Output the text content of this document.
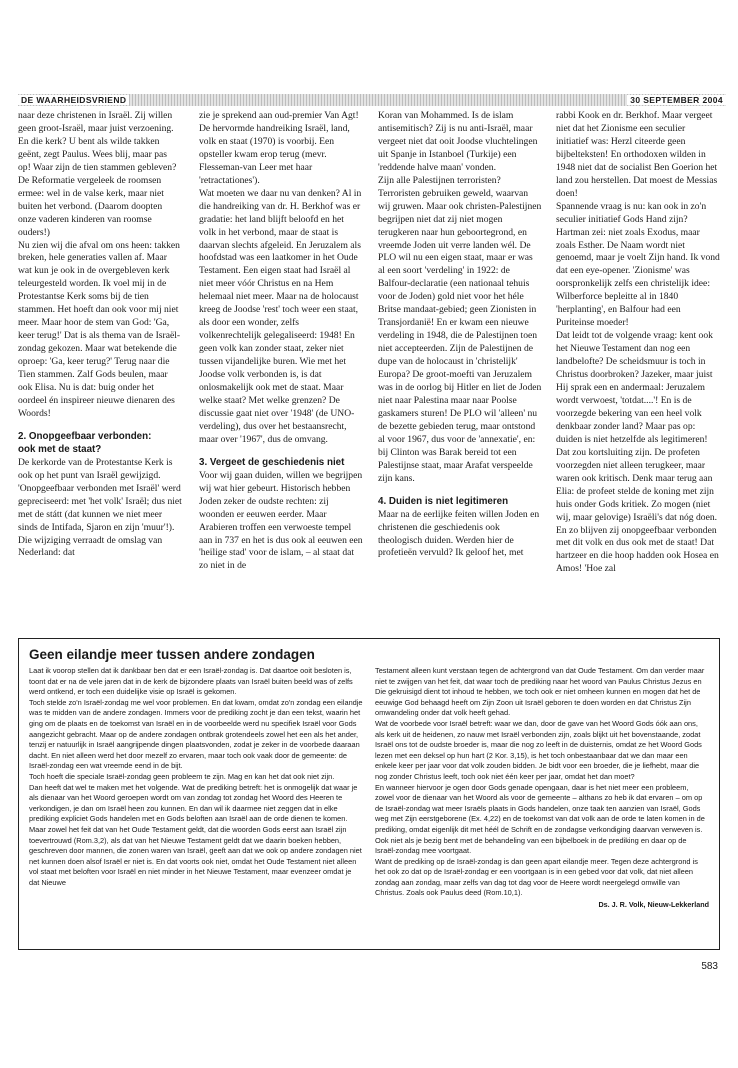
DE WAARHEIDSVRIEND	30 SEPTEMBER 2004

naar deze christenen in Israël. Zij willen geen groot-Israël, maar juist verzoening.

En die kerk? U bent als wilde takken geënt, zegt Paulus. Wees blij, maar pas op! Waar zijn de tien stammen gebleven? De Reformatie vergeleek de roomsen ermee: wel in de valse kerk, maar niet buiten het verbond. (Daarom doopten onze vaderen kinderen van roomse ouders!)

Nu zien wij die afval om ons heen: takken breken, hele generaties vallen af. Maar wat kun je ook in de overgebleven kerk teleurgesteld worden. Ik voel mij in de Protestantse Kerk soms bij de tien stammen. Het hoeft dan ook voor mij niet meer. Maar hoor de stem van God: 'Ga, keer terug!' Dat is als thema van de Israël-zondag gekozen. Maar wat betekende die oproep: 'Ga, keer terug?' Terug naar die Tien stammen. Zalf Gods beulen, maar ook Elisa. Nu is dat: buig onder het oordeel én inspireer nieuwe dienaren des Woords!

2. Onopgeefbaar verbonden:
ook met de staat?

De kerkorde van de Protestantse Kerk is ook op het punt van Israël gewijzigd. 'Onopgeefbaar verbonden met Israël' werd gepreciseerd: met 'het volk' Israël; dus niet met de státt (dat kunnen we niet meer sinds de Intifada, Sjaron en zijn 'muur'!). Die wijziging verraadt de omslag van Nederland: dat

zie je sprekend aan oud-premier Van Agt! De hervormde handreiking Israël, land, volk en staat (1970) is voorbij. Een opsteller kwam erop terug (mevr. Flesseman-van Leer met haar 'retractationes').

Wat moeten we daar nu van denken? Al in die handreiking van dr. H. Berkhof was er gradatie: het land blijft beloofd en het volk in het verbond, maar de staat is daarvan slechts afgeleid. En Jeruzalem als hoofdstad was een laatkomer in het Oude Testament. Een eigen staat had Israël al niet meer vóór Christus en na Hem helemaal niet meer. Maar na de holocaust kreeg de Joodse 'rest' toch weer een staat, als door een wonder, zelfs volkenrechtelijk gelegaliseerd: 1948! En geen volk kan zonder staat, zeker niet tussen vijandelijke buren. Wie met het Joodse volk verbonden is, is dat onlosmakelijk ook met de staat. Maar welke staat? Met welke grenzen? De discussie gaat niet over '1948' (de UNO-verdeling), dus over het bestaansrecht, maar over '1967', dus de omvang.

3. Vergeet de geschiedenis niet

Voor wij gaan duiden, willen we begrijpen wij wat hier gebeurt. Historisch hebben Joden zeker de oudste rechten: zij woonden er eeuwen eerder. Maar Arabieren troffen een verwoeste tempel aan in 737 en het is dus ook al eeuwen een 'heilige stad' voor de islam, – al staat dat zo niet in de

Koran van Mohammed. Is de islam antisemitisch? Zij is nu anti-Israël, maar vergeet niet dat ooit Joodse vluchtelingen uit Spanje in Istanboel (Turkije) een 'reddende halve maan' vonden.

Zijn alle Palestijnen terroristen? Terroristen gebruiken geweld, waarvan wij gruwen. Maar ook christen-Palestijnen begrijpen niet dat zij niet mogen terugkeren naar hun geboortegrond, en vreemde Joden uit verre landen wél. De PLO wil nu een eigen staat, maar er was al een soort 'verdeling' in 1922: de Balfour-declaratie (een nationaal tehuis voor de Joden) gold niet voor het héle Britse mandaat-gebied; geen Zionisten in Transjordanië! En er kwam een nieuwe verdeling in 1948, die de Palestijnen toen niet accepteerden. Zijn de Palestijnen de dupe van de holocaust in 'christelijk' Europa? De groot-moefti van Jeruzalem was in de oorlog bij Hitler en liet de Joden niet naar Palestina maar naar Poolse gaskamers sturen! De PLO wil 'alleen' nu de bezette gebieden terug, maar ontstond al voor 1967, dus voor de 'annexatie', en: bij Clinton was Barak bereid tot een Palestijnse staat, maar Arafat verspeelde zijn kans.

4. Duiden is niet legitimeren

Maar na de eerlijke feiten willen Joden en christenen die geschiedenis ook theologisch duiden. Werden hier de profetieën vervuld? Ik geloof het, met

rabbi Kook en dr. Berkhof. Maar vergeet niet dat het Zionisme een seculier initiatief was: Herzl citeerde geen bijbelteksten! En orthodoxen wilden in 1948 niet dat de socialist Ben Goerion het land zou herstellen. Dat moest de Messias doen!

Spannende vraag is nu: kan ook in zo'n seculier initiatief Gods Hand zijn? Hartman zei: niet zoals Exodus, maar zoals Esther. De Naam wordt niet genoemd, maar je voelt Zijn hand. Ik vond dat een eye-opener. 'Zionisme' was oorspronkelijk zelfs een christelijk idee: Wilberforce bepleitte al in 1840 'herplanting', en Balfour had een Puriteinse moeder!

Dat leidt tot de volgende vraag: kent ook het Nieuwe Testament dan nog een landbelofte? De scheidsmuur is toch in Christus doorbroken? Jazeker, maar juist Hij sprak een en andermaal: Jeruzalem wordt verwoest, 'totdat....'! En is de voorzegde bekering van een heel volk denkbaar zonder land? Maar pas op: duiden is niet hetzelfde als legitimeren! Dat zou kortsluiting zijn. De profeten voorzegden niet alleen terugkeer, maar waren ook kritisch. Denk maar terug aan Elia: de profeet stelde de koning met zijn huis onder Gods kritiek. Zo mogen (niet wij, maar gelovige) Israëli's dat nóg doen. En zo blijven zij onopgeefbaar verbonden met dit volk en dus ook met de staat! Dat hartzeer en die hoop hadden ook Hosea en Amos! 'Hoe zal

Geen eilandje meer tussen andere zondagen

Laat ik voorop stellen dat ik dankbaar ben dat er een Israël-zondag is. Dat daartoe ooit besloten is, toont dat er na de vele jaren dat in de kerk de bijzondere plaats van Israël buiten beeld was of zelfs werd ontkend, er toch een duidelijke visie op Israël is gekomen.

Toch stelde zo'n Israël-zondag me wel voor problemen. En dat kwam, omdat zo'n zondag een eilandje was te midden van de andere zondagen. Immers voor de prediking zocht je dan een tekst, waarin het ging om de plaats en de toekomst van Israël en in de voorbeelde werd nu specifiek Israël voor Gods aangezicht gebracht. Maar op de andere zondagen ontbrak grotendeels zowel het een als het ander, tenzij er natuurlijk in Israël aangrijpende dingen plaatsvonden, zodat je zeker in de voorbede daaraan dacht. En niet alleen werd het door mezelf zo ervaren, maar toch ook vaak door de gemeente: de Israël-zondag een wat vreemde eend in de bijt.

Toch hoeft die speciale Israël-zondag geen probleem te zijn. Mag en kan het dat ook niet zijn.

Dan heeft dat wel te maken met het volgende. Wat de prediking betreft: het is onmogelijk dat waar je als dienaar van het Woord geroepen wordt om van zondag tot zondag het Woord des Heeren te verkondigen, je dan om Israël heen zou kunnen. En dan wil ik daarmee niet zeggen dat in elke prediking expliciet Gods handelen met en Gods beloften aan Israël aan de orde dienen te komen. Maar zowel het feit dat van het Oude Testament geldt, dat die woorden Gods eerst aan Israël zijn toevertrouwd (Rom.3,2), als dat van het Nieuwe Testament geldt dat we daarin boeken hebben, geschreven door mannen, die zonen waren van Israël, geeft aan dat we ook op andere zondagen niet net kunnen doen alsof Israël er niet is. En dat voorts ook niet, omdat het Oude Testament niet alleen vol staat met beloften voor Israël en niet minder in het Nieuwe Testament, maar evenzeer omdat je dat Nieuwe

Testament alleen kunt verstaan tegen de achtergrond van dat Oude Testament. Om dan verder maar niet te zwijgen van het feit, dat waar toch de prediking naar het woord van Paulus Christus Jezus en Die gekruisigd dient tot inhoud te hebben, we toch ook er niet omheen kunnen en mogen dat het de eeuwige God behaagd heeft om Zijn Zoon uit Israël geboren te doen worden en dat Christus Zijn omwandeling onder dat volk heeft gehad.

Wat de voorbede voor Israël betreft: waar we dan, door de gave van het Woord Gods óók aan ons, als kerk uit de heidenen, zo nauw met Israël verbonden zijn, zoals blijkt uit het bovenstaande, zodat Israël ons tot de oudste broeder is, maar die nog zo leeft in de duisternis, omdat ze het Woord Gods lezen met een deksel op hun hart (2 Kor. 3,15), is het toch onbestaanbaar dat we dan maar een enkele keer per jaar voor dat volk zouden bidden. Je bidt voor een broeder, die je liefhebt, maar die nog zonder Christus leeft, toch ook niet één keer per jaar, omdat het dan moet?

En wanneer hiervoor je ogen door Gods genade opengaan, daar is het niet meer een probleem, zowel voor de dienaar van het Woord als voor de gemeente – althans zo heb ik dat ervaren – om op de Israël-zondag wat meer Israëls plaats in Gods handelen, onze taak ten aanzien van Israël, Gods weg met Zijn eerstgeborene (Ex. 4,22) en de toekomst van dat volk aan de orde te laten komen in de prediking, omdat eigenlijk dit met héél de Schrift en de zondagse verkondiging daarvan verweven is. Ook niet als je bezig bent met de behandeling van een bijbelboek in de prediking en daar op de Israël-zondag mee voortgaat.

Want de prediking op de Israël-zondag is dan geen apart eilandje meer. Tegen deze achtergrond is het ook zo dat op de Israël-zondag er een voortgaan is in een gebed voor dat volk, dat niet alleen zondag aan zondag, maar zelfs van dag tot dag voor de Heere wordt neergelegd omwille van Christus. Zoals ook Paulus deed (Rom.10,1).

Ds. J. R. Volk, Nieuw-Lekkerland

583
